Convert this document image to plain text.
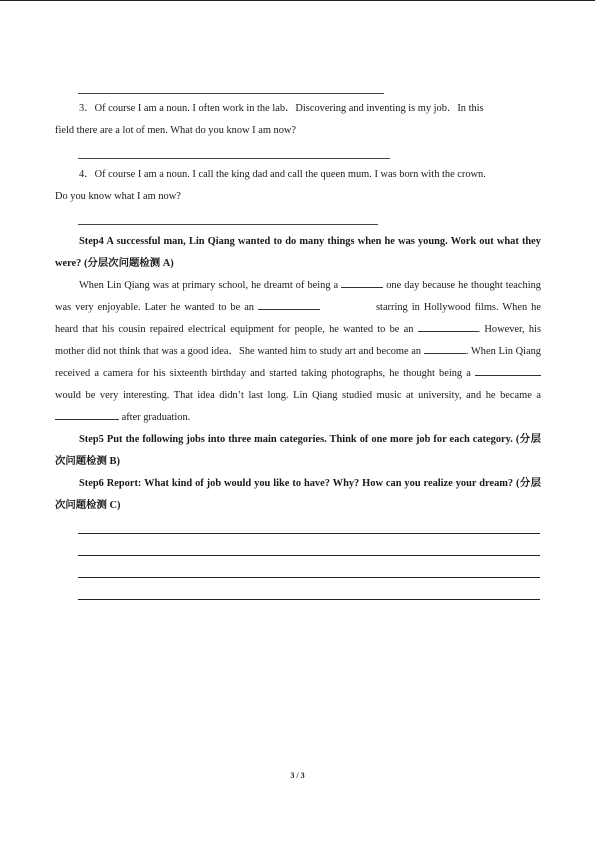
3．Of course I am a noun. I often work in the lab．Discovering and inventing is my job．In this
field there are a lot of men. What do you know I am now?
4．Of course I am a noun. I call the king dad and call the queen mum. I was born with the crown.
Do you know what I am now?
Step4 A successful man, Lin Qiang wanted to do many things when he was young. Work out what they were? (分层次问题检测 A)
When Lin Qiang was at primary school, he dreamt of being a	one day because he thought teaching was very enjoyable. Later he wanted to be an	starring in Hollywood films. When he heard that his cousin repaired electrical equipment for people, he wanted to be an	. However, his mother did not think that was a good idea．She wanted him to study art and become an	. When Lin Qiang received a camera for his sixteenth birthday and started taking photographs, he thought being a  would be very interesting. That idea didn’t last long. Lin Qiang studied music at university, and he became a  after graduation.
Step5 Put the following jobs into three main categories. Think of one more job for each category. (分层次问题检测 B)
Step6 Report: What kind of job would you like to have? Why? How can you realize your dream? (分层次问题检测 C)
3 / 3
